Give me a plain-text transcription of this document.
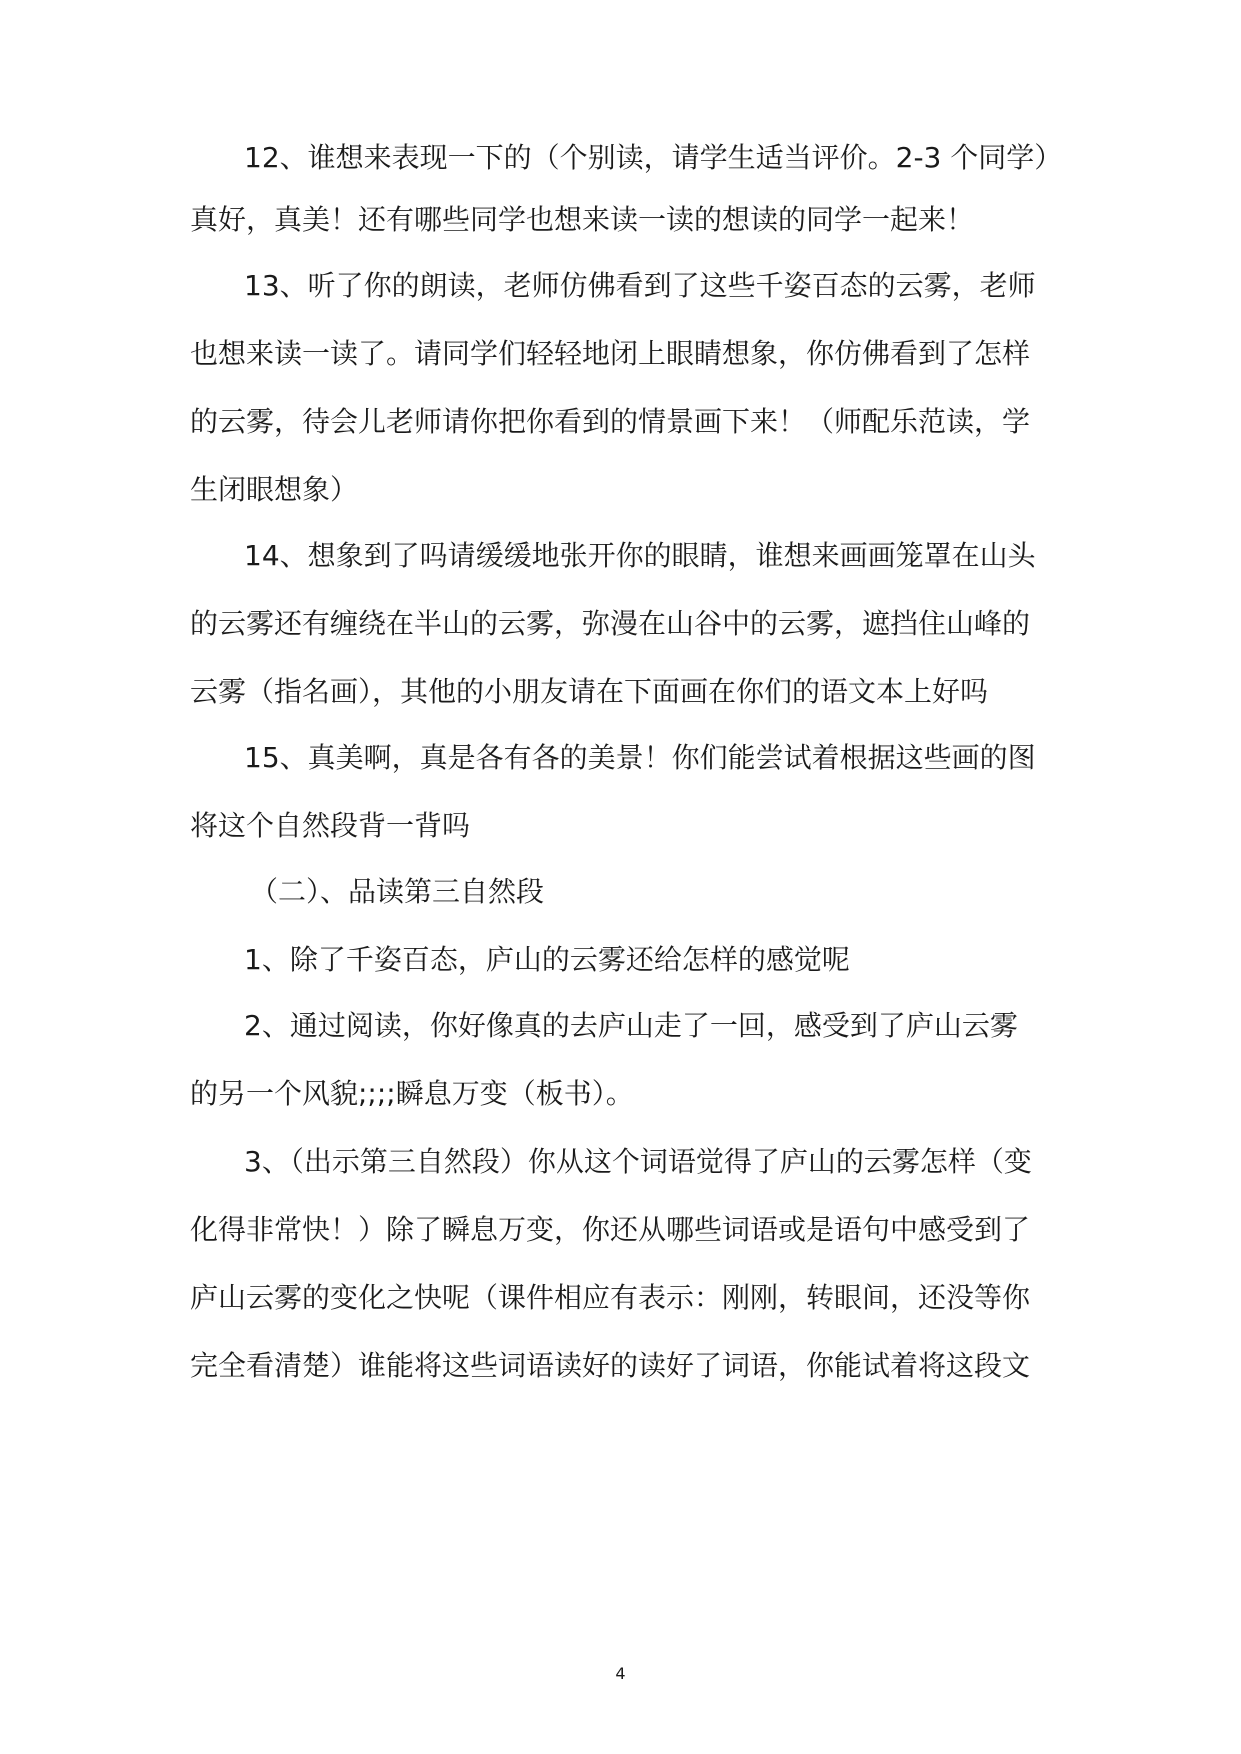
12、谁想来表现一下的（个别读，请学生适当评价。2-3 个同学）
真好，真美！还有哪些同学也想来读一读的想读的同学一起来！
13、听了你的朗读，老师仿佛看到了这些千姿百态的云雾，老师
也想来读一读了。请同学们轻轻地闭上眼睛想象，你仿佛看到了怎样
的云雾，待会儿老师请你把你看到的情景画下来！（师配乐范读，学
生闭眼想象）
14、想象到了吗请缓缓地张开你的眼睛，谁想来画画笼罩在山头
的云雾还有缠绕在半山的云雾，弥漫在山谷中的云雾，遮挡住山峰的
云雾（指名画），其他的小朋友请在下面画在你们的语文本上好吗
15、真美啊，真是各有各的美景！你们能尝试着根据这些画的图
将这个自然段背一背吗
（二）、品读第三自然段
1、除了千姿百态，庐山的云雾还给怎样的感觉呢
2、通过阅读，你好像真的去庐山走了一回，感受到了庐山云雾
的另一个风貌;;;;瞬息万变（板书）。
3、（出示第三自然段）你从这个词语觉得了庐山的云雾怎样（变
化得非常快！）除了瞬息万变，你还从哪些词语或是语句中感受到了
庐山云雾的变化之快呢（课件相应有表示：刚刚，转眼间，还没等你
完全看清楚）谁能将这些词语读好的读好了词语，你能试着将这段文
4
